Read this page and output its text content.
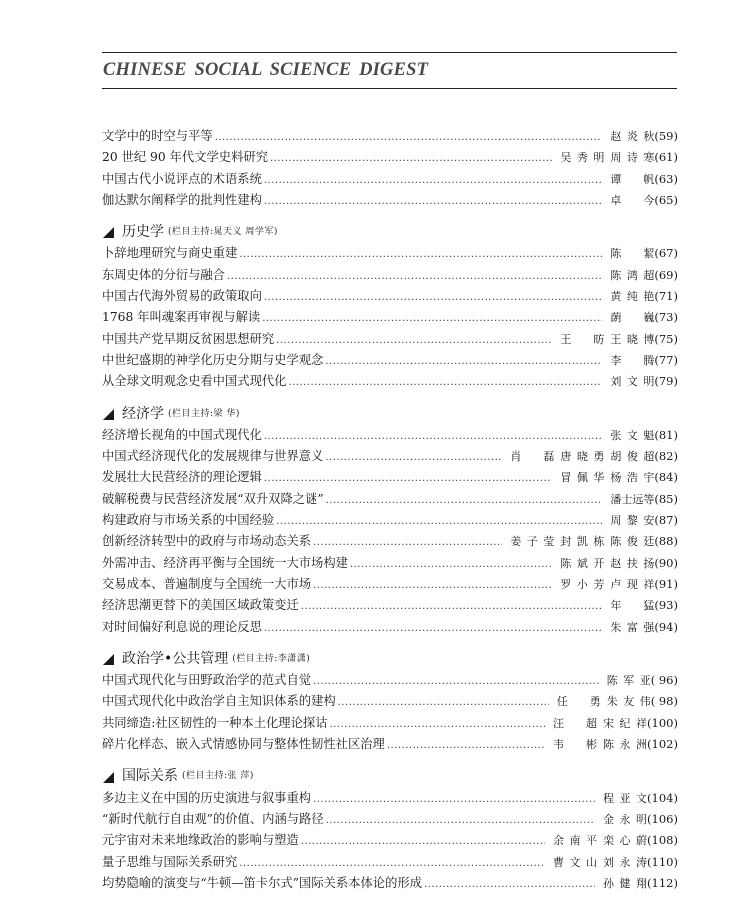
CHINESE SOCIAL SCIENCE DIGEST
文学中的时空与平等 .....	赵炎秋 (59)
20 世纪 90 年代文学史料研究 .....	吴秀明 周诗寒 (61)
中国古代小说评点的术语系统 .....	谭 帆 (63)
伽达默尔阐释学的批判性建构 .....	卓 今 (65)
历史学 (栏目主持:晁天义 周学军)
卜辞地理研究与商史重建 .....	陈 絜 (67)
东周史体的分衍与融合 .....	陈鸿超 (69)
中国古代海外贸易的政策取向 .....	黄纯艳 (71)
1768 年叫魂案再审视与解读 .....	蓢 巍 (73)
中国共产党早期反贫困思想研究 .....	王 昉 王晓博 (75)
中世纪盛期的神学化历史分期与史学观念 .....	李 腾 (77)
从全球文明观念史看中国式现代化 .....	刘文明 (79)
经济学 (栏目主持:梁 华)
经济增长视角的中国式现代化 .....	张文魁 (81)
中国式经济现代化的发展规律与世界意义 .....	肖 磊 唐晓勇 胡俊超 (82)
发展壮大民营经济的理论逻辑 .....	冒佩华 杨浩宇 (84)
破解税费与民营经济发展“双升双降之谜” .....	潘士远等 (85)
构建政府与市场关系的中国经验 .....	周黎安 (87)
创新经济转型中的政府与市场动态关系 .....	姜子莹 封凯栋 陈俊廷 (88)
外需冲击、经济再平衡与全国统一大市场构建 .....	陈斌开 赵扶扬 (90)
交易成本、普遍制度与全国统一大市场 .....	罗小芳 卢现祥 (91)
经济思潮更替下的美国区域政策变迁 .....	年 猛 (93)
对时间偏好利息说的理论反思 .....	朱富强 (94)
政治学•公共管理 (栏目主持:李潇潇)
中国式现代化与田野政治学的范式自觉 .....	陈军亚 ( 96)
中国式现代化中政治学自主知识体系的建构 .....	任 勇 朱友伟 ( 98)
共同缔造:社区韧性的一种本土化理论探诂 .....	汪 超 宋纪祥 (100)
碎片化样态、嵌入式情感协同与整体性韧性社区治理 .....	韦 彬 陈永洲 (102)
国际关系 (栏目主持:张 萍)
多边主义在中国的历史演进与叙事重构 .....	程亚文 (104)
“新时代航行自由观”的价值、内涵与路径 .....	金永明 (106)
元宇宙对未来地缘政治的影响与塑造 .....	余南平 栾心蔚 (108)
量子思维与国际关系研究 .....	曹文山 刘永涛 (110)
均势隐喻的演变与“牛顿—笛卡尔式”国际关系本体论的形成 .....	孙健翔 (112)
